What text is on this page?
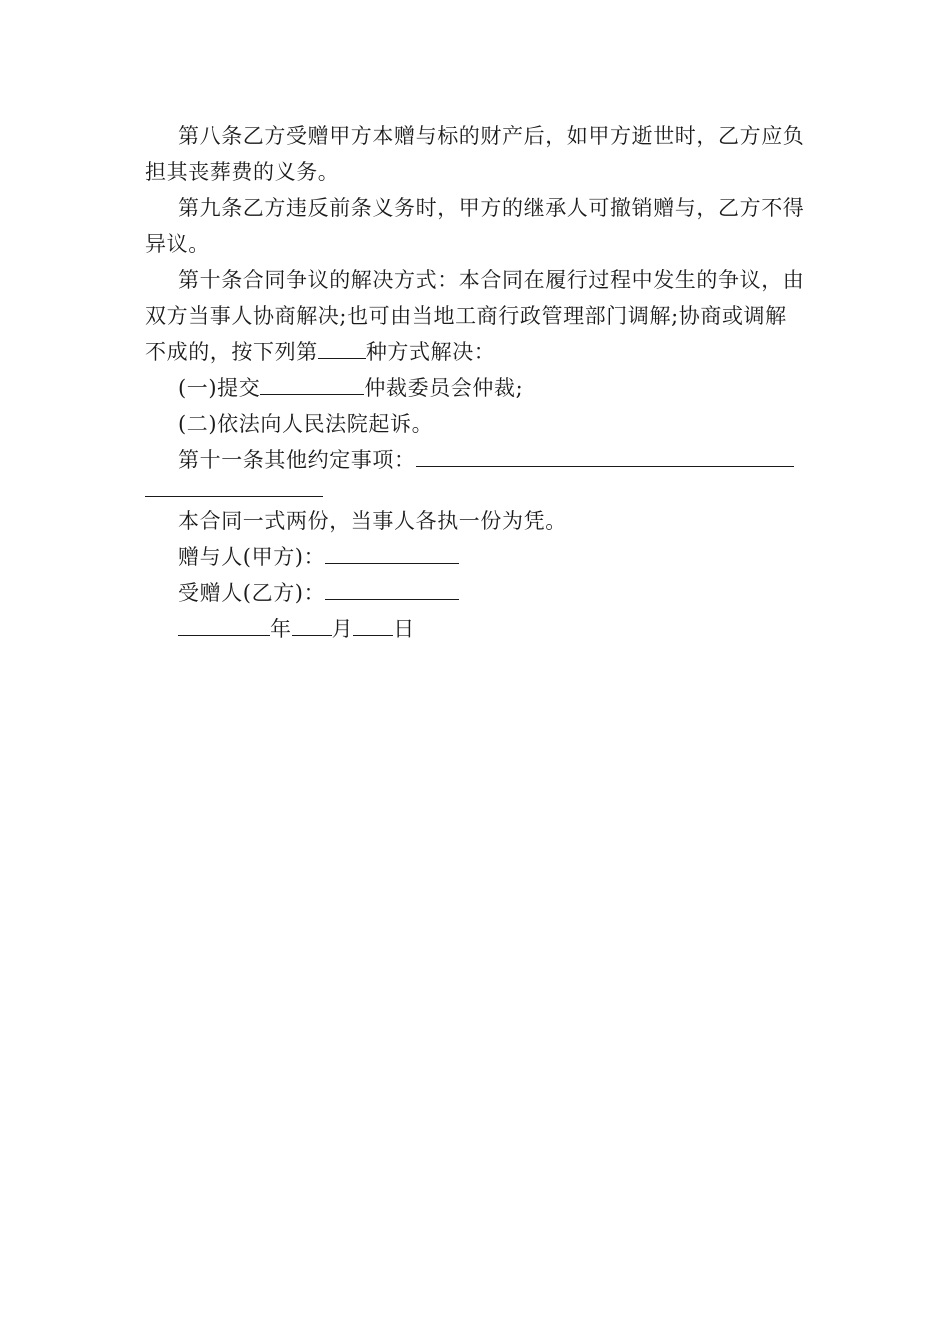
第八条乙方受赠甲方本赠与标的财产后，如甲方逝世时，乙方应负担其丧葬费的义务。

第九条乙方违反前条义务时，甲方的继承人可撤销赠与，乙方不得异议。

第十条合同争议的解决方式：本合同在履行过程中发生的争议，由双方当事人协商解决;也可由当地工商行政管理部门调解;协商或调解不成的，按下列第 种方式解决：

(一)提交	仲裁委员会仲裁;

(二)依法向人民法院起诉。

第十一条其他约定事项：

本合同一式两份，当事人各执一份为凭。

赠与人(甲方)：

受赠人(乙方)：

年 月 日
